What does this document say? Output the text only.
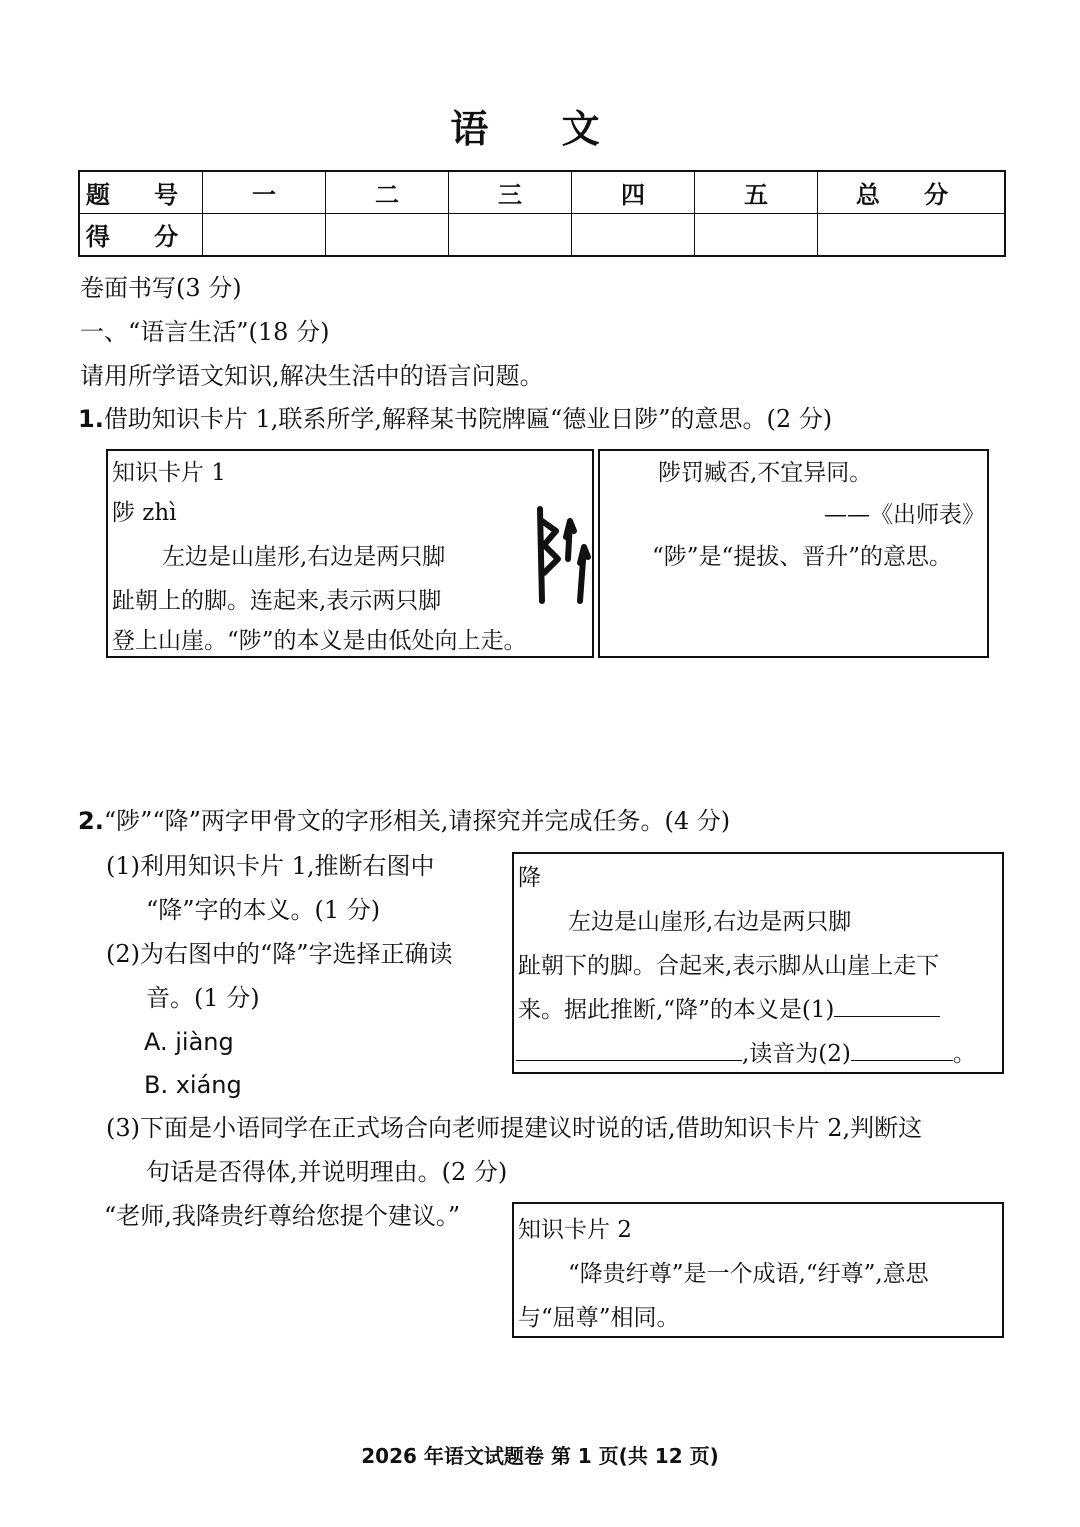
语 文
题 号	一	二	三	四	五	总 分
得 分						
卷面书写(3 分)
一、“语言生活”(18 分)
请用所学语文知识,解决生活中的语言问题。
1.借助知识卡片 1,联系所学,解释某书院牌匾“德业日陟”的意思。(2 分)
知识卡片 1
陟 zhì
左边是山崖形,右边是两只脚
趾朝上的脚。连起来,表示两只脚
登上山崖。“陟”的本义是由低处向上走。
陟罚臧否,不宜异同。
——《出师表》
“陟”是“提拔、晋升”的意思。
2.“陟”“降”两字甲骨文的字形相关,请探究并完成任务。(4 分)
(1)利用知识卡片 1,推断右图中
“降”字的本义。(1 分)
(2)为右图中的“降”字选择正确读
音。(1 分)
A. jiàng
B. xiáng
降
左边是山崖形,右边是两只脚
趾朝下的脚。合起来,表示脚从山崖上走下
来。据此推断,“降”的本义是(1)
,读音为(2)	。
(3)下面是小语同学在正式场合向老师提建议时说的话,借助知识卡片 2,判断这
句话是否得体,并说明理由。(2 分)
“老师,我降贵纡尊给您提个建议。”	知识卡片 2
“降贵纡尊”是一个成语,“纡尊”,意思
与“屈尊”相同。
2026 年语文试题卷 第 1 页(共 12 页)
